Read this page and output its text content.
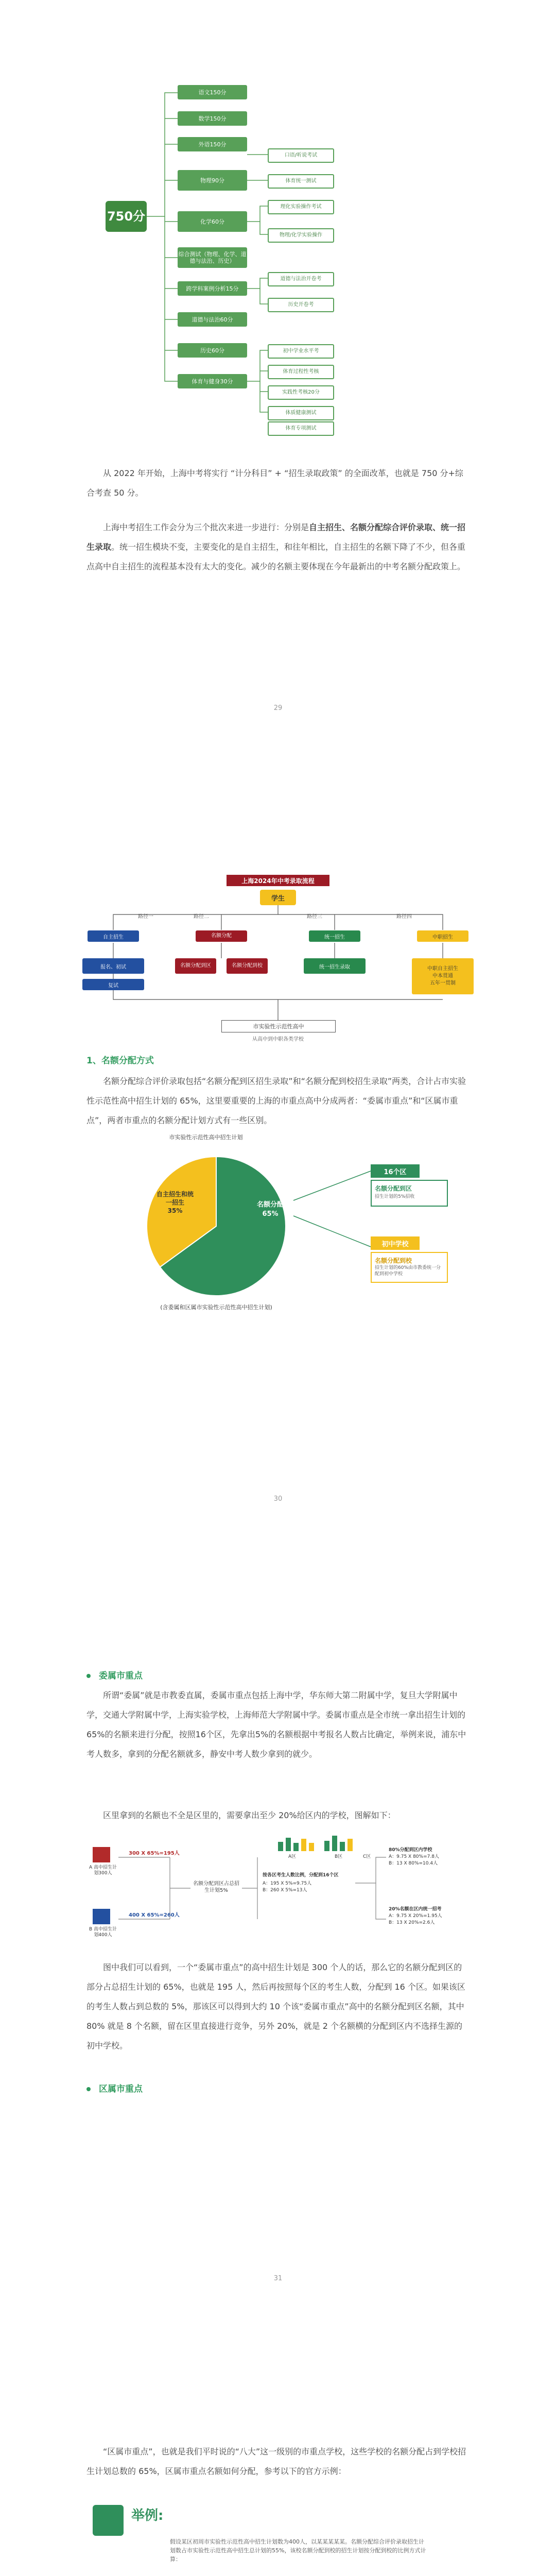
750分
语文150分
数学150分
外语150分
物理90分
化学60分
综合测试（物理、化学、道德与法治、历史）
跨学科案例分析15分
道德与法治60分
历史60分
体育与健身30分
口语/听说考试
体育统一测试
理化实验操作考试
物理/化学实验操作
道德与法治开卷考
历史开卷考
初中学业水平考
体育过程性考核
实践性考核20分
体质健康测试
体育专项测试

从 2022 年开始，上海中考将实行 “计分科目” + “招生录取政策” 的全面改革，也就是 750 分+综合考查 50 分。

上海中考招生工作会分为三个批次来进一步进行：分别是自主招生、名额分配综合评价录取、统一招生录取。统一招生模块不变，主要变化的是自主招生，和往年相比，自主招生的名额下降了不少，但各重点高中自主招生的流程基本没有太大的变化。减少的名额主要体现在今年最新出的中考名额分配政策上。

29
上海2024年中考录取流程
学生
路径一	路径二	路径三	路径四
自主招生	名额分配	统一招生	中职招生
报名、初试	名额分配到区	名额分配到校	统一招生录取	中职自主招生
中本贯通
五年一贯制
复试
市实验性示范性高中
从高中到中职各类学校
1、名额分配方式

名额分配综合评价录取包括“名额分配到区招生录取”和“名额分配到校招生录取”两类，合计占市实验性示范性高中招生计划的 65%，这里要重要的上海的市重点高中分成两者：“委属市重点”和“区属市重点”，两者市重点的名额分配计划方式有一些区别。

市实验性示范性高中招生计划
名额分配
65%
自主招生和统一招生
35%
(含委属和区属市实验性示范性高中招生计划)
16个区
名额分配到区
招生计划的5%招收
初中学校
名额分配到校
招生计划的60%由市教委统一分配到初中学校
30
委属市重点

所谓“委属”就是市教委直属，委属市重点包括上海中学，华东师大第二附属中学，复旦大学附属中学，交通大学附属中学，上海实验学校，上海师范大学附属中学。委属市重点是全市统一拿出招生计划的65%的名额来进行分配，按照16个区，先拿出5%的名额根据中考报名人数占比确定，举例来说，浦东中考人数多，拿到的分配名额就多，静安中考人数少拿到的就少。

区里拿到的名额也不全是区里的，需要拿出至少 20%给区内的学校，图解如下：

A 高中招生计划300人
B 高中招生计划400人
300 X 65%=195人
400 X 65%=260人
名额分配到区占总招生计划5%
按各区考生人数比例，分配到16个区
A区	B区	C区
A：195 X 5%=9.75人
B：260 X 5%=13人
80%分配到区内学校
A：9.75 X 80%=7.8人
B：13 X 80%=10.4人
20%名额在区内统一招考
A：9.75 X 20%=1.95人
B：13 X 20%=2.6人

图中我们可以看到，一个“委属市重点”的高中招生计划是 300 个人的话，那么它的名额分配到区的部分占总招生计划的 65%，也就是 195 人，然后再按照每个区的考生人数，分配到 16 个区。如果该区的考生人数占到总数的 5%，那该区可以得到大约 10 个该“委属市重点”高中的名额分配到区名额，其中 80% 就是 8 个名额，留在区里直接进行竞争，另外 20%，就是 2 个名额横的分配到区内不选择生源的初中学校。

区属市重点
31

“区属市重点”，也就是我们平时说的“八大”这一级别的市重点学校，这些学校的名额分配占到学校招生计划总数的 65%，区属市重点名额如何分配，参考以下的官方示例：

举例:
假设某区初周市实验性示范性高中招生计划数为400人，以某某某某某。名额分配综合评价录取招生计划数占市实验性示范性高中招生总计划的55%，该校名额分配到校的招生计划按分配到校的比例方式计算：
